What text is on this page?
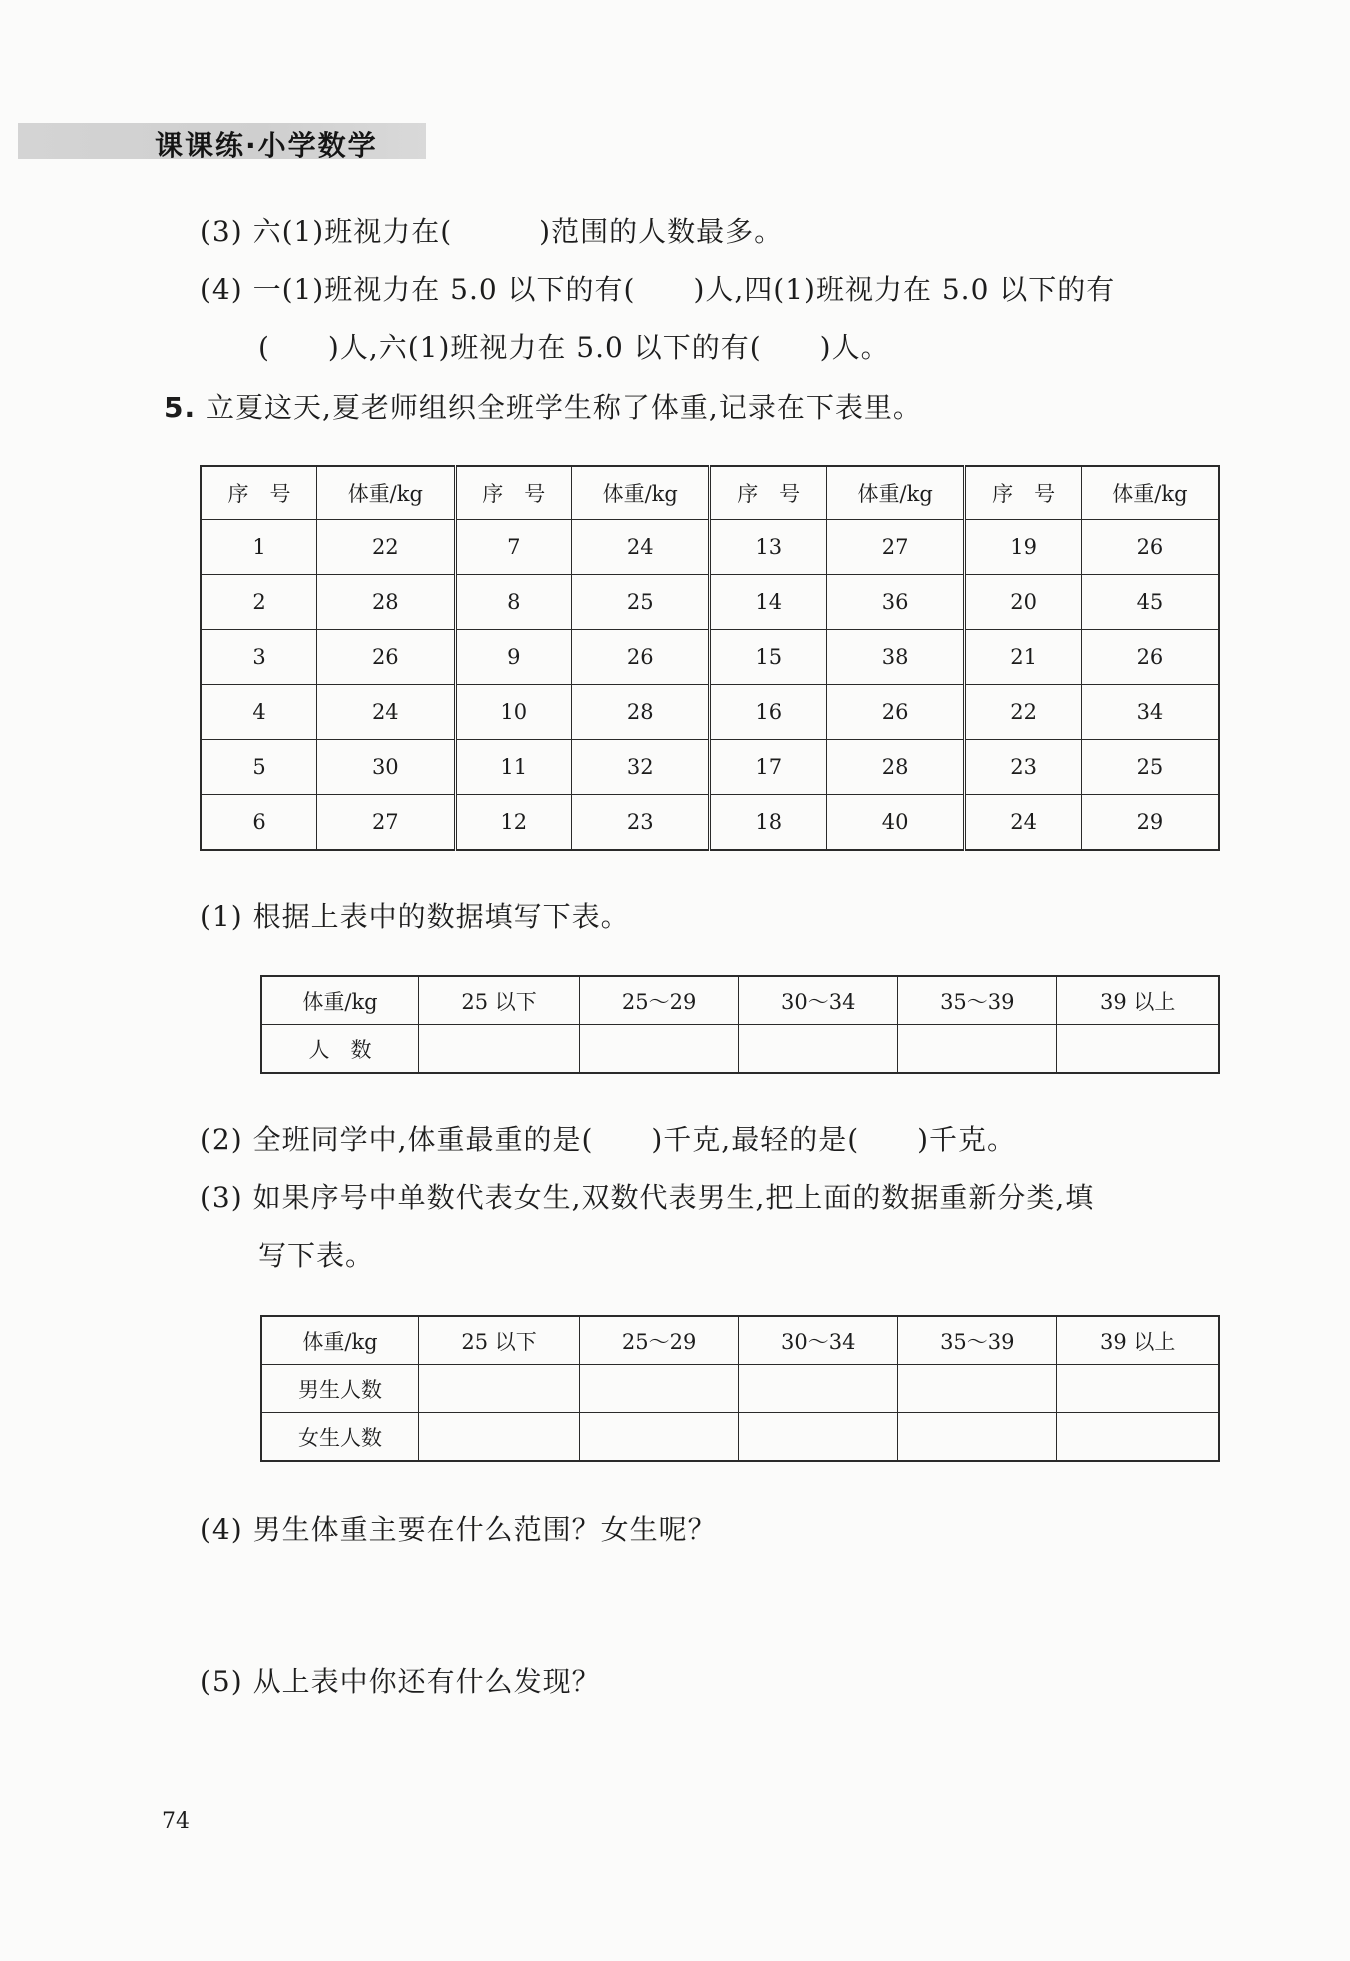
课课练·小学数学
(3) 六(1)班视力在(　　　)范围的人数最多。
(4) 一(1)班视力在 5.0 以下的有(　　)人,四(1)班视力在 5.0 以下的有
(　　)人,六(1)班视力在 5.0 以下的有(　　)人。
5. 立夏这天,夏老师组织全班学生称了体重,记录在下表里。
序　号	体重/kg	序　号	体重/kg	序　号	体重/kg	序　号	体重/kg
1	22	7	24	13	27	19	26
2	28	8	25	14	36	20	45
3	26	9	26	15	38	21	26
4	24	10	28	16	26	22	34
5	30	11	32	17	28	23	25
6	27	12	23	18	40	24	29
(1) 根据上表中的数据填写下表。
体重/kg	25 以下	25～29	30～34	35～39	39 以上
人　数					
(2) 全班同学中,体重最重的是(　　)千克,最轻的是(　　)千克。
(3) 如果序号中单数代表女生,双数代表男生,把上面的数据重新分类,填
写下表。
体重/kg	25 以下	25～29	30～34	35～39	39 以上
男生人数					
女生人数					
(4) 男生体重主要在什么范围？女生呢？
(5) 从上表中你还有什么发现？
74
